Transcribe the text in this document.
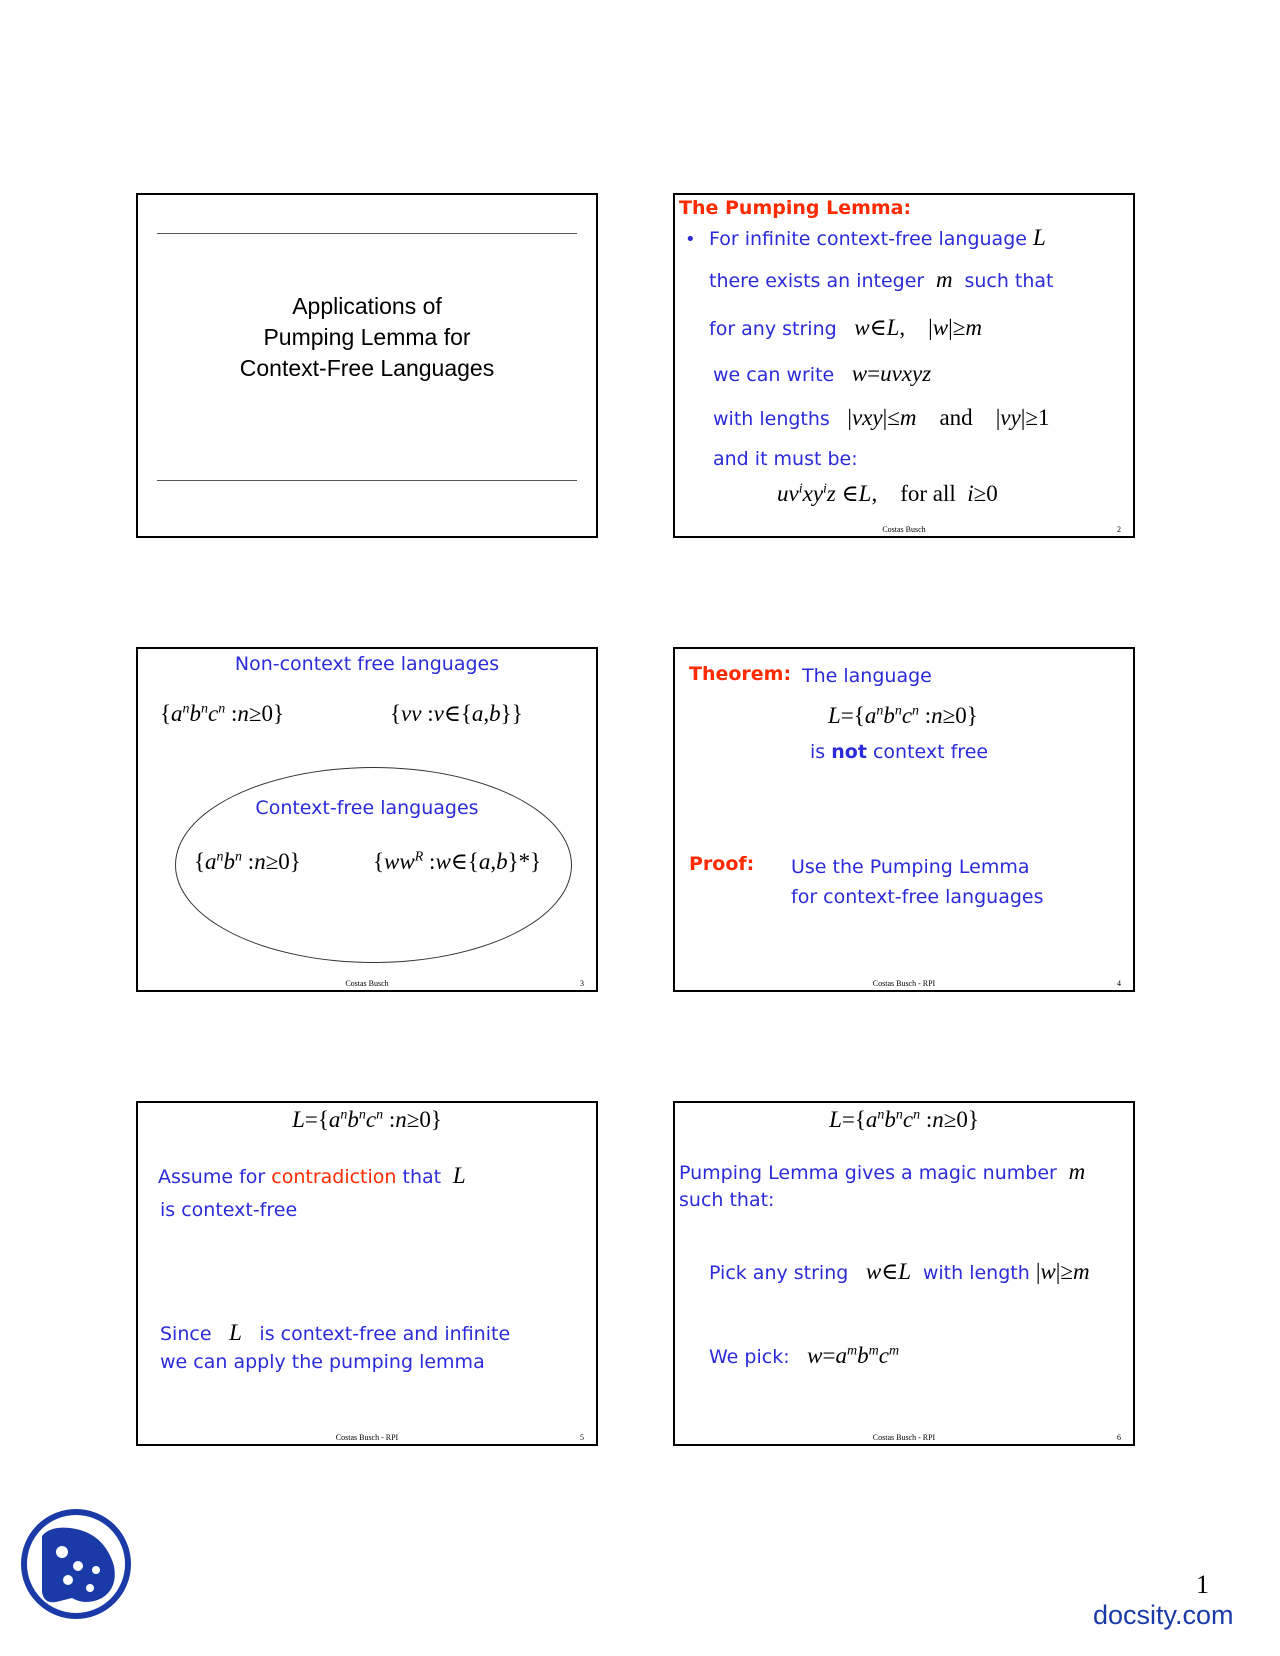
Applications of
Pumping Lemma for
Context-Free Languages
The Pumping Lemma:
• For infinite context-free language L
there exists an integer  m  such that
for any string w∈L,    |w|≥m
we can write w=uvxyz
with lengths   |vxy|≤m and    |vy|≥1
and it must be:
$uv^ixy^iz$ ∈L,    for all i≥0
Costas Busch	2
Non-context free languages
{$a^nb^nc^n$ :n≥0}	{vv :v∈{a,b}}
Context-free languages
{$a^nb^n$ :n≥0}	{$ww^R$ :w∈{a,b}*}
Costas Busch	3
Theorem: The language
$L=\{a^nb^nc^n$ :n≥0}
is not context free
Proof: Use the Pumping Lemma
for context-free languages
Costas Busch - RPI	4
$L=\{a^nb^nc^n$ :n≥0}
Assume for contradiction that  L
is context-free
Since   L   is context-free and infinite
we can apply the pumping lemma
Costas Busch - RPI	5
$L=\{a^nb^nc^n$ :n≥0}
Pumping Lemma gives a magic number  m
such that:
Pick any string w∈L with length |w|≥m
We pick: $w=a^mb^mc^m$
Costas Busch - RPI	6
1
docsity.com
